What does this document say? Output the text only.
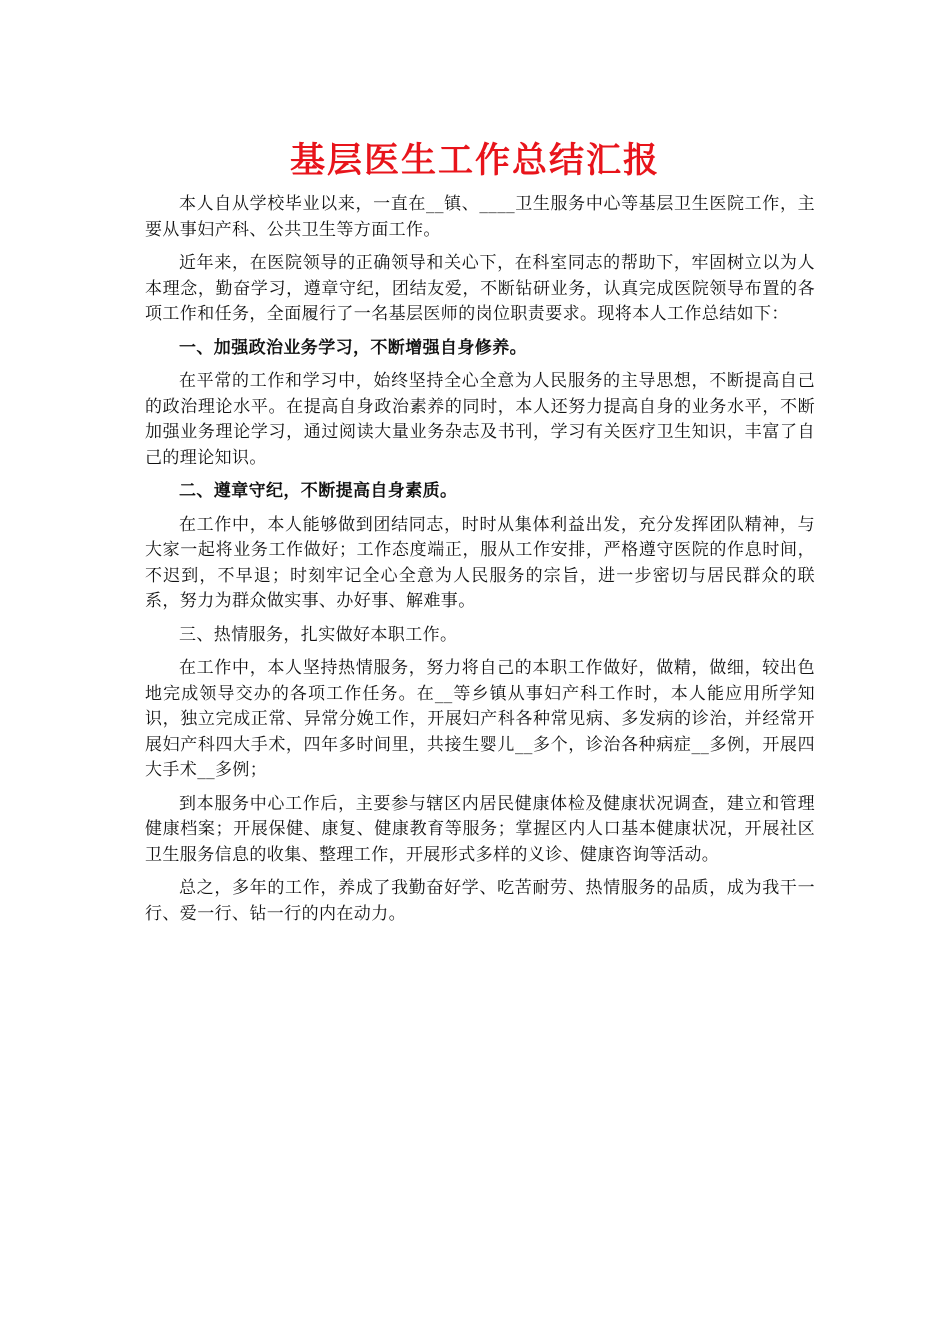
基层医生工作总结汇报

本人自从学校毕业以来，一直在__镇、____卫生服务中心等基层卫生医院工作，主要从事妇产科、公共卫生等方面工作。

近年来，在医院领导的正确领导和关心下，在科室同志的帮助下，牢固树立以为人本理念，勤奋学习，遵章守纪，团结友爱，不断钻研业务，认真完成医院领导布置的各项工作和任务，全面履行了一名基层医师的岗位职责要求。现将本人工作总结如下：

一、加强政治业务学习，不断增强自身修养。

在平常的工作和学习中，始终坚持全心全意为人民服务的主导思想，不断提高自己的政治理论水平。在提高自身政治素养的同时，本人还努力提高自身的业务水平，不断加强业务理论学习，通过阅读大量业务杂志及书刊，学习有关医疗卫生知识，丰富了自己的理论知识。

二、遵章守纪，不断提高自身素质。

在工作中，本人能够做到团结同志，时时从集体利益出发，充分发挥团队精神，与大家一起将业务工作做好；工作态度端正，服从工作安排，严格遵守医院的作息时间，不迟到，不早退；时刻牢记全心全意为人民服务的宗旨，进一步密切与居民群众的联系，努力为群众做实事、办好事、解难事。

三、热情服务，扎实做好本职工作。

在工作中，本人坚持热情服务，努力将自己的本职工作做好，做精，做细，较出色地完成领导交办的各项工作任务。在__等乡镇从事妇产科工作时，本人能应用所学知识，独立完成正常、异常分娩工作，开展妇产科各种常见病、多发病的诊治，并经常开展妇产科四大手术，四年多时间里，共接生婴儿__多个，诊治各种病症__多例，开展四大手术__多例；

到本服务中心工作后，主要参与辖区内居民健康体检及健康状况调查，建立和管理健康档案；开展保健、康复、健康教育等服务；掌握区内人口基本健康状况，开展社区卫生服务信息的收集、整理工作，开展形式多样的义诊、健康咨询等活动。

总之，多年的工作，养成了我勤奋好学、吃苦耐劳、热情服务的品质，成为我干一行、爱一行、钻一行的内在动力。
